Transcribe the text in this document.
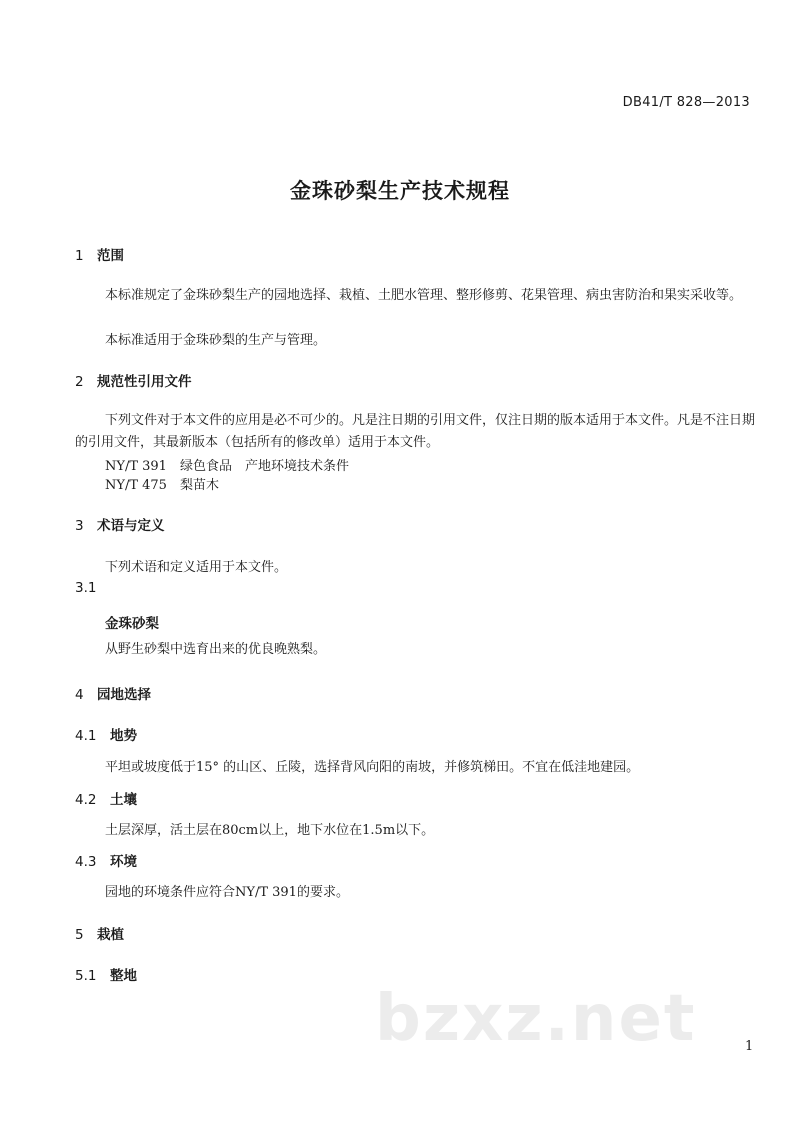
DB41/T 828—2013
金珠砂梨生产技术规程
1 范围
本标准规定了金珠砂梨生产的园地选择、栽植、土肥水管理、整形修剪、花果管理、病虫害防治和果实采收等。
本标准适用于金珠砂梨的生产与管理。
2 规范性引用文件
下列文件对于本文件的应用是必不可少的。凡是注日期的引用文件，仅注日期的版本适用于本文件。凡是不注日期的引用文件，其最新版本（包括所有的修改单）适用于本文件。
NY/T 391 绿色食品　产地环境技术条件
NY/T 475 梨苗木
3 术语与定义
下列术语和定义适用于本文件。
3.1
金珠砂梨
从野生砂梨中选育出来的优良晚熟梨。
4 园地选择
4.1 地势
平坦或坡度低于15° 的山区、丘陵，选择背风向阳的南坡，并修筑梯田。不宜在低洼地建园。
4.2 土壤
土层深厚，活土层在80cm以上，地下水位在1.5m以下。
4.3 环境
园地的环境条件应符合NY/T 391的要求。
5 栽植
5.1 整地
bzxz.net	1
